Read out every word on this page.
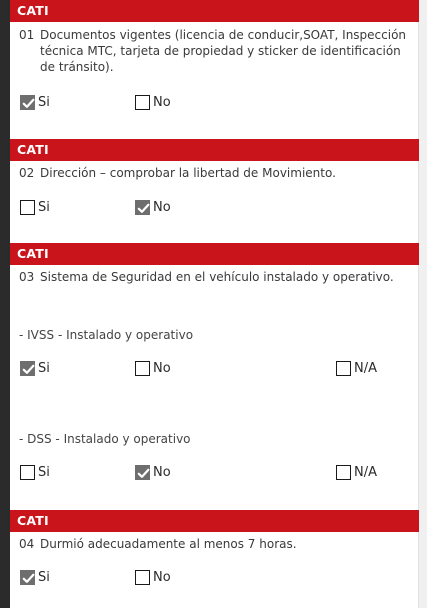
CATI
01 Documentos vigentes (licencia de conducir,SOAT, Inspección técnica MTC, tarjeta de propiedad y sticker de identificación de tránsito).
Si	No
CATI
02 Dirección – comprobar la libertad de Movimiento.
Si	No
CATI
03 Sistema de Seguridad en el vehículo instalado y operativo.
- IVSS - Instalado y operativo
Si	No	N/A
- DSS - Instalado y operativo
Si	No	N/A
CATI
04 Durmió adecuadamente al menos 7 horas.
Si	No
